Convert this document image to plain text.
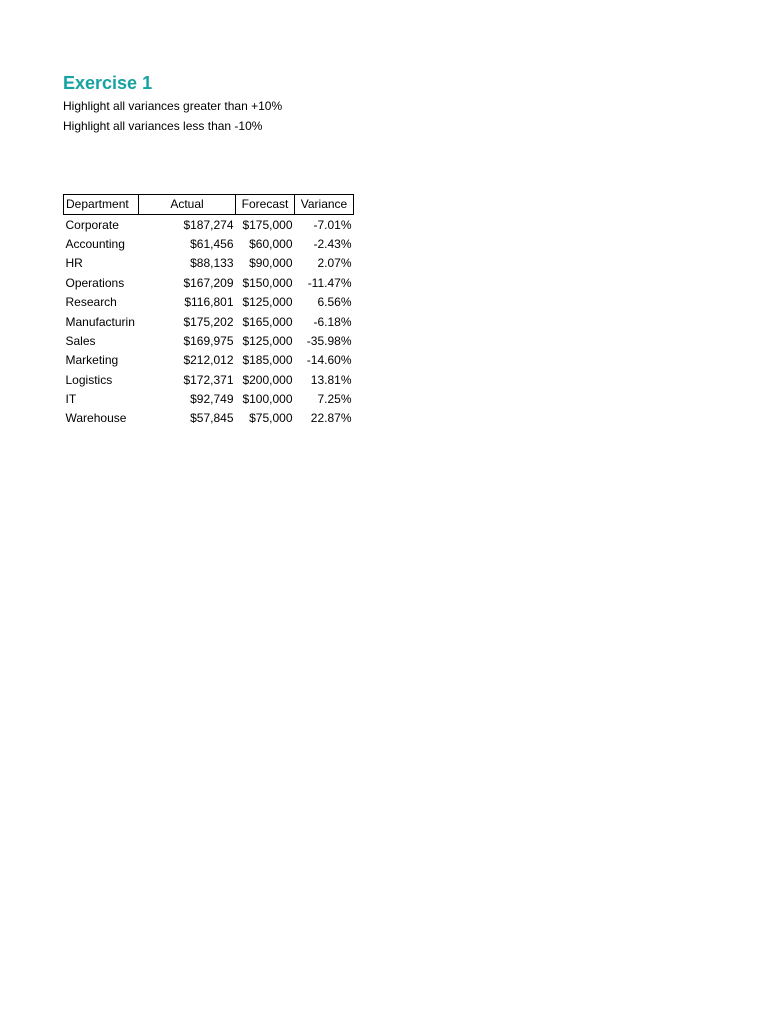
Exercise 1

Highlight all variances greater than +10%

Highlight all variances less than -10%

Department	Actual	Forecast	Variance
Corporate	$187,274	$175,000	-7.01%
Accounting	$61,456	$60,000	-2.43%
HR	$88,133	$90,000	2.07%
Operations	$167,209	$150,000	-11.47%
Research	$116,801	$125,000	6.56%
Manufacturin	$175,202	$165,000	-6.18%
Sales	$169,975	$125,000	-35.98%
Marketing	$212,012	$185,000	-14.60%
Logistics	$172,371	$200,000	13.81%
IT	$92,749	$100,000	7.25%
Warehouse	$57,845	$75,000	22.87%
